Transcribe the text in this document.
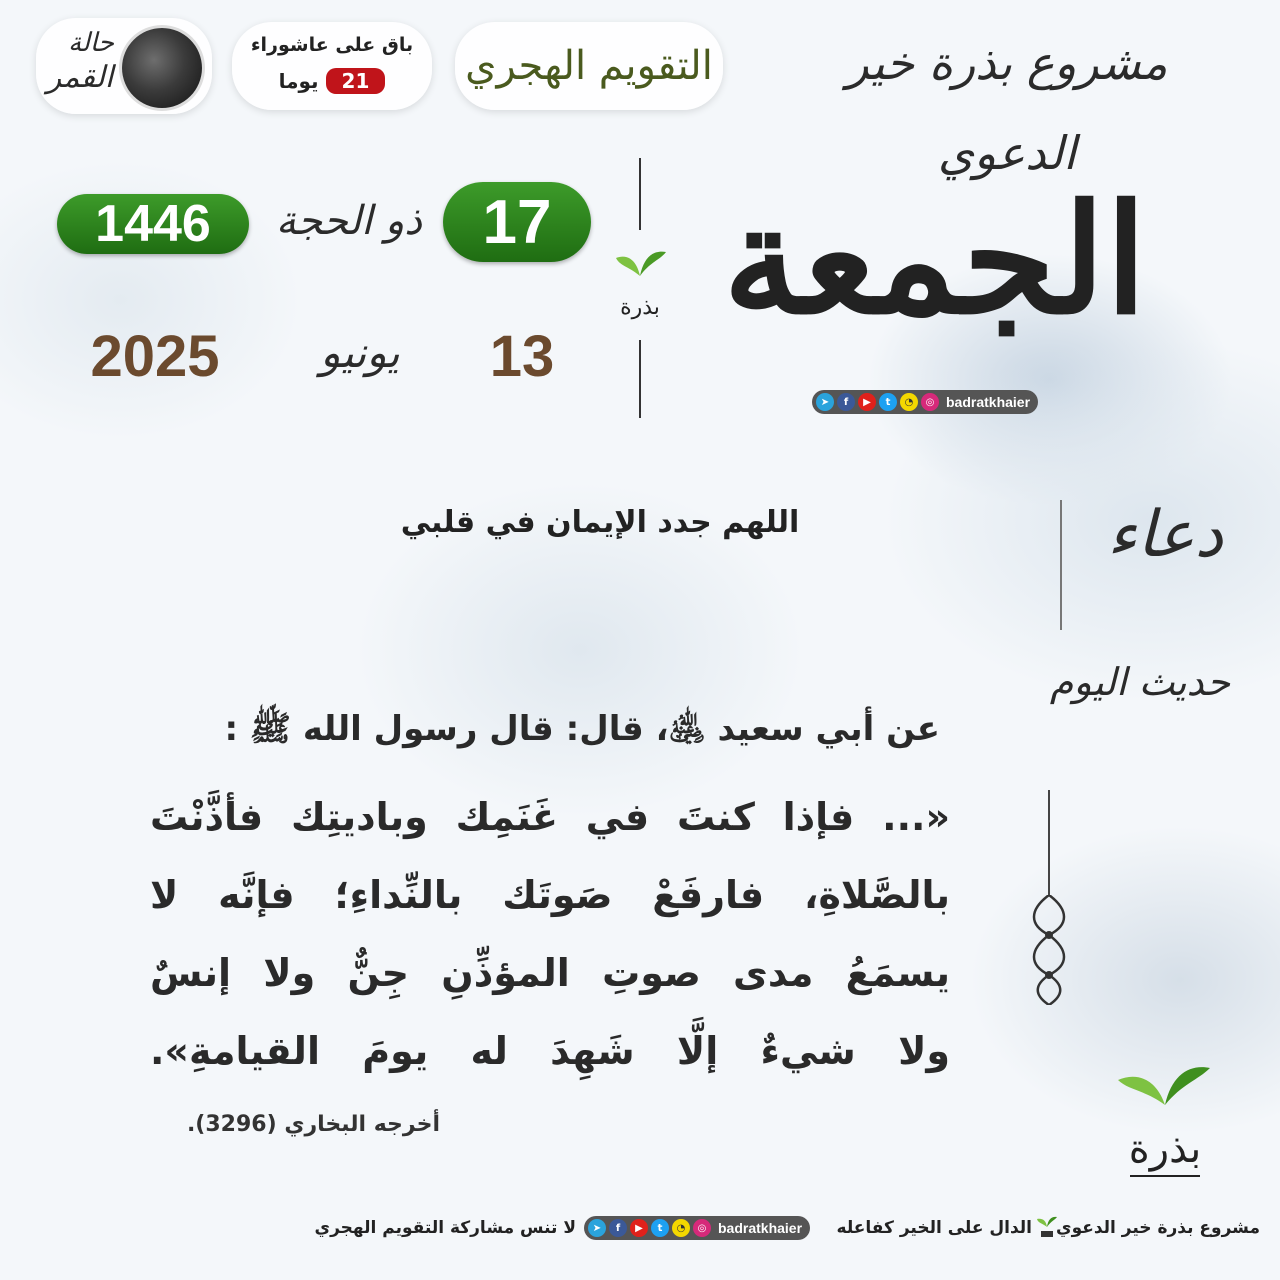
مشروع بذرة خير الدعوي
التقويم الهجري
باق على عاشوراء
21 يوما
حالة
القمر
الجمعة
➤	f	▶	t	◔	◎ badratkhaier
بذرة
17
ذو الحجة
1446
13
يونيو
2025
دعاء
اللهم جدد الإيمان في قلبي
حديث اليوم
عن أبي سعيد ﵁، قال: قال رسول الله ﷺ :
«... فإذا كنتَ في غَنَمِك وباديتِك فأذَّنْتَ
بالصَّلاةِ، فارفَعْ صَوتَك بالنِّداءِ؛ فإنَّه لا
يسمَعُ مدى صوتِ المؤذِّنِ جِنٌّ ولا إنسٌ
ولا شيءٌ إلَّا شَهِدَ له يومَ القيامةِ».
أخرجه البخاري (3296).
بذرة
مشروع بذرة خير الدعوي
الدال على الخير كفاعله
➤	f	▶	t	◔	◎ badratkhaier
لا تنس مشاركة التقويم الهجري
